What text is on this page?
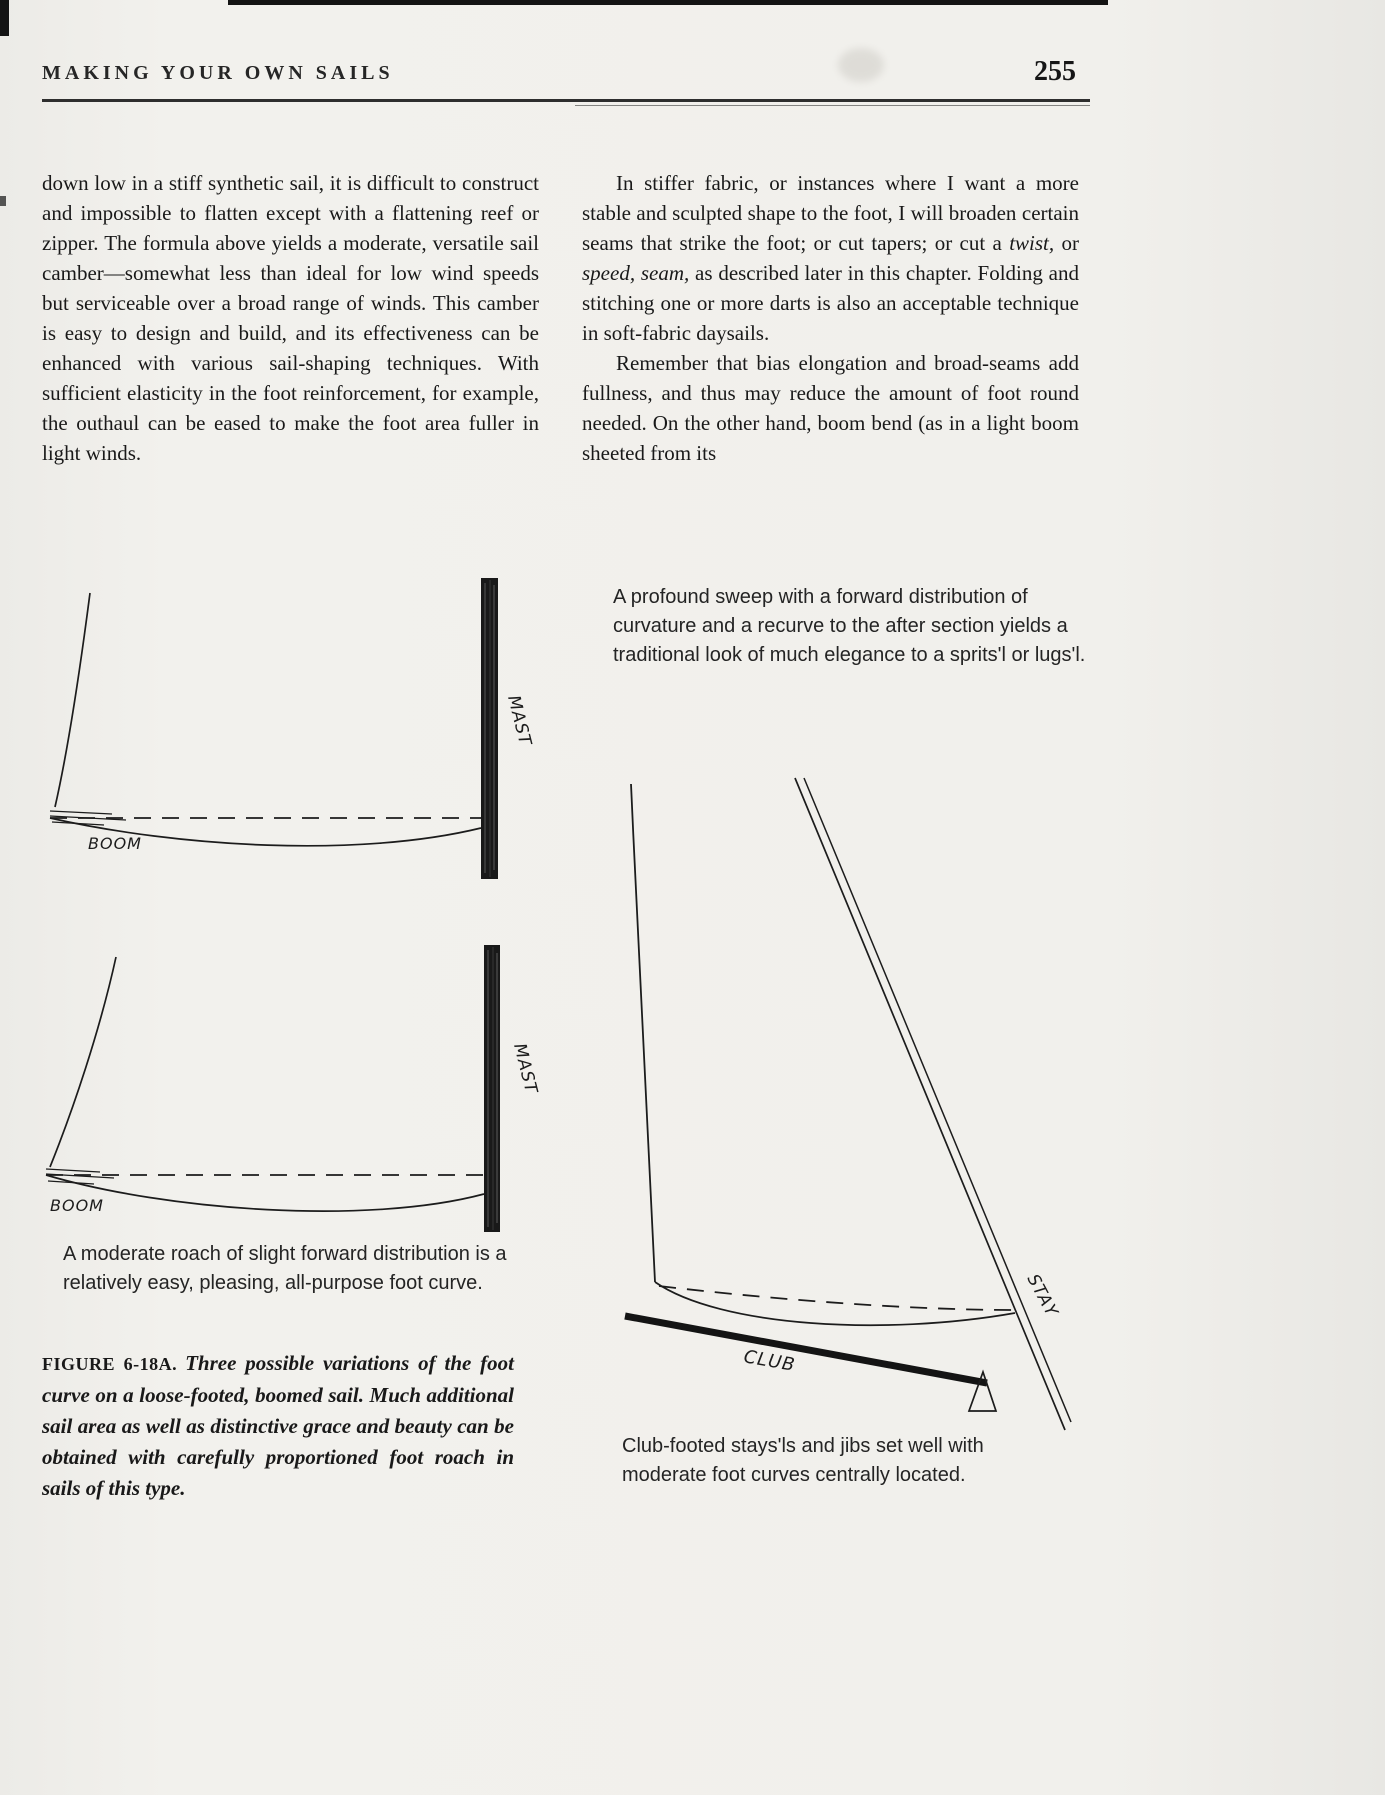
MAKING YOUR OWN SAILS	255

down low in a stiff synthetic sail, it is difficult to construct and impossible to flatten except with a flattening reef or zipper. The formula above yields a moderate, versatile sail camber—somewhat less than ideal for low wind speeds but serviceable over a broad range of winds. This camber is easy to design and build, and its effectiveness can be enhanced with various sail-shaping techniques. With sufficient elasticity in the foot reinforcement, for example, the outhaul can be eased to make the foot area fuller in light winds.

In stiffer fabric, or instances where I want a more stable and sculpted shape to the foot, I will broaden certain seams that strike the foot; or cut tapers; or cut a twist, or speed, seam, as described later in this chapter. Folding and stitching one or more darts is also an acceptable technique in soft-fabric daysails.

Remember that bias elongation and broad-seams add fullness, and thus may reduce the amount of foot round needed. On the other hand, boom bend (as in a light boom sheeted from its

A profound sweep with a forward distribution of curvature and a recurve to the after section yields a traditional look of much elegance to a sprits'l or lugs'l.

MAST
BOOM
MAST
BOOM
STAY
CLUB

A moderate roach of slight forward distribution is a relatively easy, pleasing, all-purpose foot curve.

FIGURE 6-18A. Three possible variations of the foot curve on a loose-footed, boomed sail. Much additional sail area as well as distinctive grace and beauty can be obtained with carefully proportioned foot roach in sails of this type.

Club-footed stays'ls and jibs set well with moderate foot curves centrally located.
